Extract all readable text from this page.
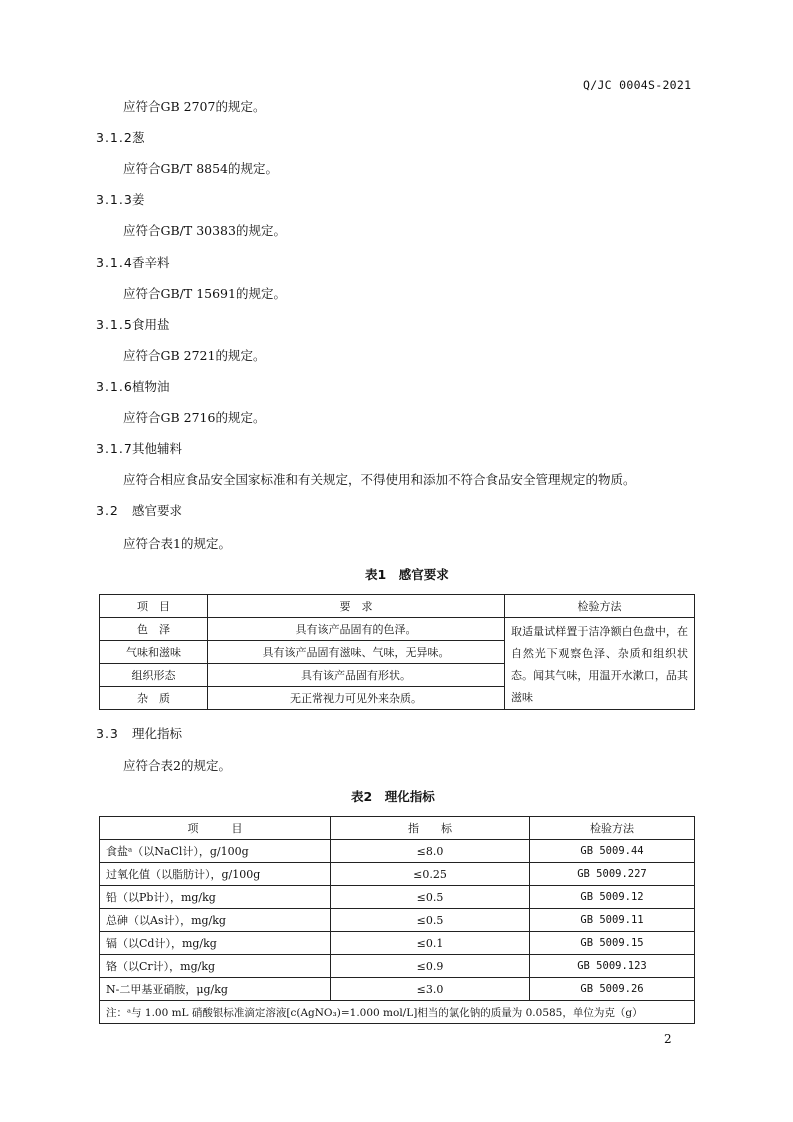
Q/JC 0004S-2021
应符合GB 2707的规定。
3.1.2葱
应符合GB/T 8854的规定。
3.1.3姜
应符合GB/T 30383的规定。
3.1.4香辛料
应符合GB/T 15691的规定。
3.1.5食用盐
应符合GB 2721的规定。
3.1.6植物油
应符合GB 2716的规定。
3.1.7其他辅料
应符合相应食品安全国家标准和有关规定，不得使用和添加不符合食品安全管理规定的物质。
3.2 感官要求
应符合表1的规定。
表1　感官要求
项　目	要　求	检验方法
色　泽	具有该产品固有的色泽。	取适量试样置于洁净额白色盘中，在自然光下观察色泽、杂质和组织状态。闻其气味，用温开水漱口，品其滋味
气味和滋味	具有该产品固有滋味、气味，无异味。	
组织形态	具有该产品固有形状。	
杂　质	无正常视力可见外来杂质。	
3.3 理化指标
应符合表2的规定。
表2　理化指标
项　　　目	指　　标	检验方法
食盐ᵃ（以NaCl计），g/100g	≤8.0	GB 5009.44
过氧化值（以脂肪计），g/100g	≤0.25	GB 5009.227
铅（以Pb计），mg/kg	≤0.5	GB 5009.12
总砷（以As计），mg/kg	≤0.5	GB 5009.11
镉（以Cd计），mg/kg	≤0.1	GB 5009.15
铬（以Cr计），mg/kg	≤0.9	GB 5009.123
N-二甲基亚硝胺，μg/kg	≤3.0	GB 5009.26
注：ᵃ与 1.00 mL 硝酸银标准滴定溶液[c(AgNO₃)=1.000 mol/L]相当的氯化钠的质量为 0.0585，单位为克（g）		
2
